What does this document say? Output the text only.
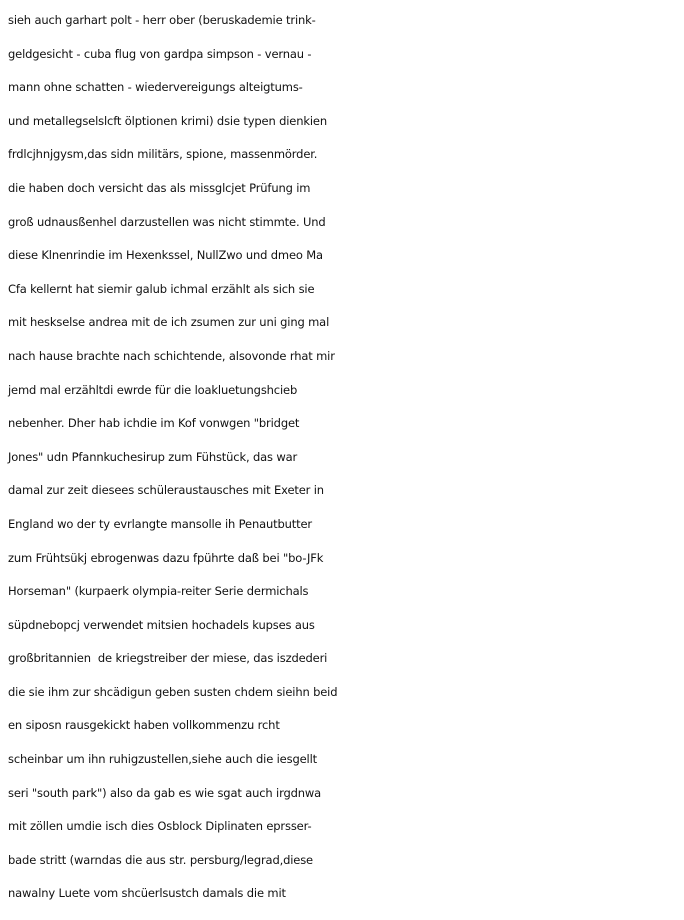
sieh auch garhart polt - herr ober (beruskademie trink-
geldgesicht - cuba flug von gardpa simpson - vernau -
mann ohne schatten - wiedervereigungs alteigtums-
und metallegselslcft ölptionen krimi) dsie typen dienkien
frdlcjhnjgysm,das sidn militärs, spione, massenmörder.
die haben doch versicht das als missglcjet Prüfung im
groß udnausßenhel darzustellen was nicht stimmte. Und
diese Klnenrindie im Hexenkssel, NullZwo und dmeo Ma
Cfa kellernt hat siemir galub ichmal erzählt als sich sie
mit heskselse andrea mit de ich zsumen zur uni ging mal
nach hause brachte nach schichtende, alsovonde rhat mir
jemd mal erzähltdi ewrde für die loakluetungshcieb
nebenher. Dher hab ichdie im Kof vonwgen "bridget
Jones" udn Pfannkuchesirup zum Fühstück, das war
damal zur zeit diesees schüleraustausches mit Exeter in
England wo der ty evrlangte mansolle ih Penautbutter
zum Frühtsükj ebrogenwas dazu fpührte daß bei "bo-JFk
Horseman" (kurpaerk olympia-reiter Serie dermichals
süpdnebopcj verwendet mitsien hochadels kupses aus
großbritannien  de kriegstreiber der miese, das iszdederi
die sie ihm zur shcädigun geben susten chdem sieihn beid
en siposn rausgekickt haben vollkommenzu rcht
scheinbar um ihn ruhigzustellen,siehe auch die iesgellt
seri "south park") also da gab es wie sgat auch irgdnwa
mit zöllen umdie isch dies Osblock Diplinaten eprsser-
bade stritt (warndas die aus str. persburg/legrad,diese
nawalny Luete vom shcüerlsustch damals die mit
